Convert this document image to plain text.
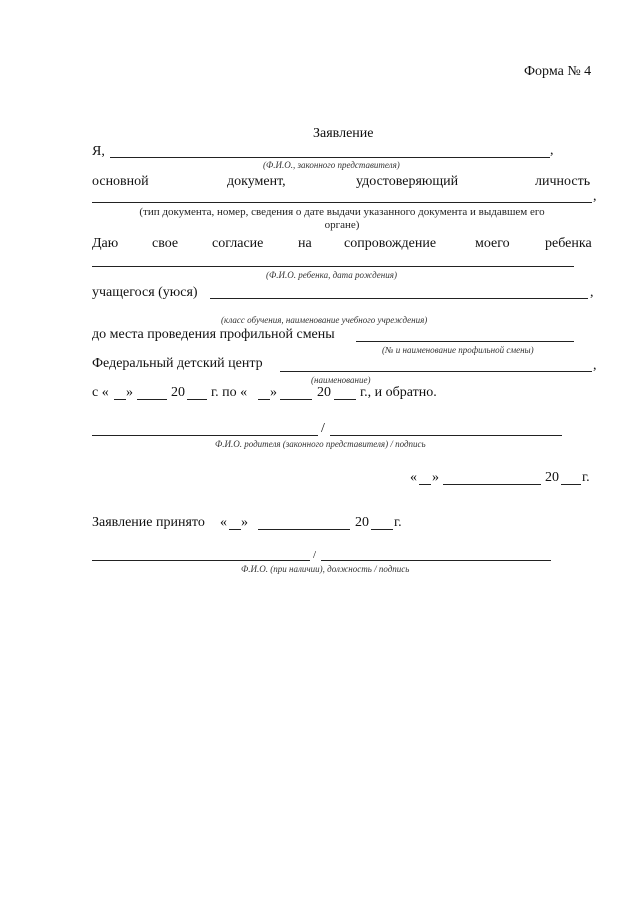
Форма № 4
Заявление
Я,	,
(Ф.И.О., законного представителя)
основной	документ,	удостоверяющий	личность
,
(тип документа, номер, сведения о дате выдачи указанного документа и выдавшем его
органе)
Даю свое согласие на сопровождение	моего	ребенка
(Ф.И.О. ребенка, дата рождения)
учащегося (уюся)	,
(класс обучения, наименование учебного учреждения)
до места проведения профильной смены
(№ и наименование профильной смены)
Федеральный детский центр	,
(наименование)
с « »	20 г. по « »	20 г., и обратно.
/
Ф.И.О. родителя (законного представителя) / подпись
« »	20 г.
Заявление принято « »	20 г.
/
Ф.И.О. (при наличии), должность / подпись
